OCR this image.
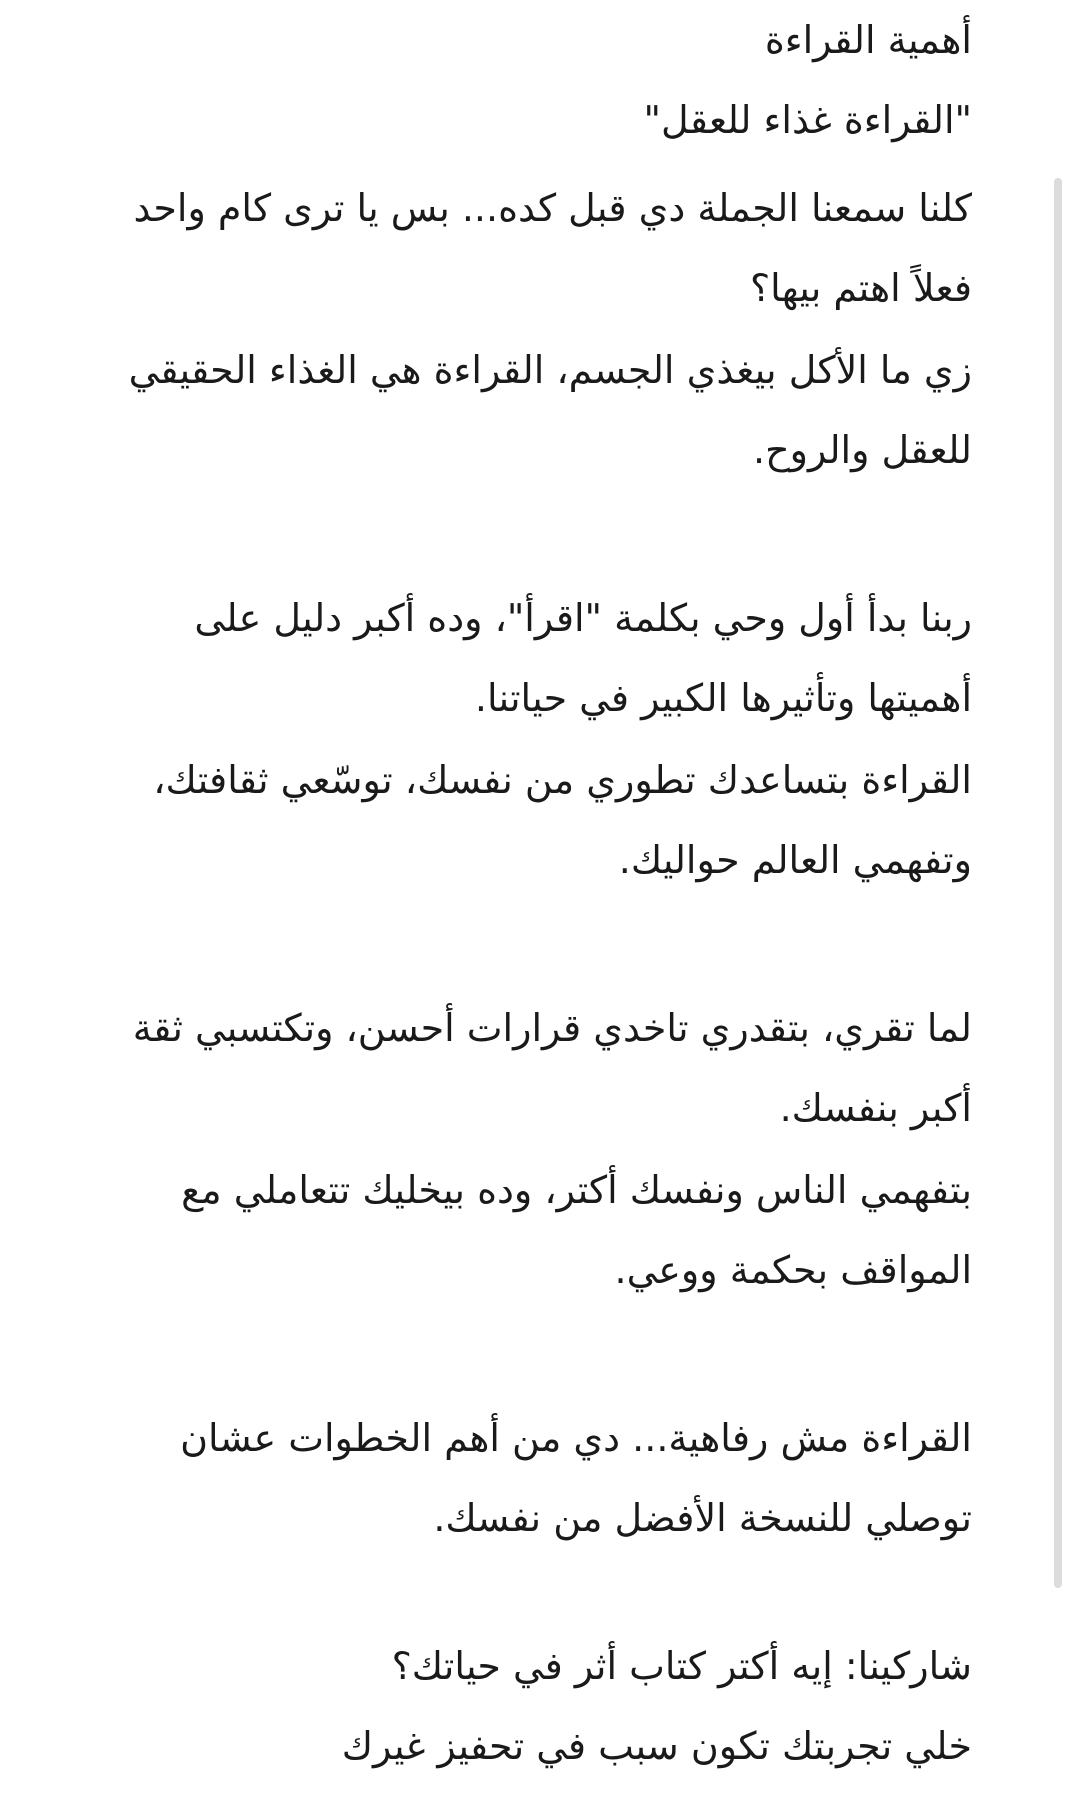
أهمية القراءة
"القراءة غذاء للعقل"
كلنا سمعنا الجملة دي قبل كده... بس يا ترى كام واحد
فعلاً اهتم بيها؟
زي ما الأكل بيغذي الجسم، القراءة هي الغذاء الحقيقي
للعقل والروح.
ربنا بدأ أول وحي بكلمة "اقرأ"، وده أكبر دليل على
أهميتها وتأثيرها الكبير في حياتنا.
القراءة بتساعدك تطوري من نفسك، توسّعي ثقافتك،
وتفهمي العالم حواليك.
لما تقري، بتقدري تاخدي قرارات أحسن، وتكتسبي ثقة
أكبر بنفسك.
بتفهمي الناس ونفسك أكتر، وده بيخليك تتعاملي مع
المواقف بحكمة ووعي.
القراءة مش رفاهية... دي من أهم الخطوات عشان
توصلي للنسخة الأفضل من نفسك.
شاركينا: إيه أكتر كتاب أثر في حياتك؟
خلي تجربتك تكون سبب في تحفيز غيرك
